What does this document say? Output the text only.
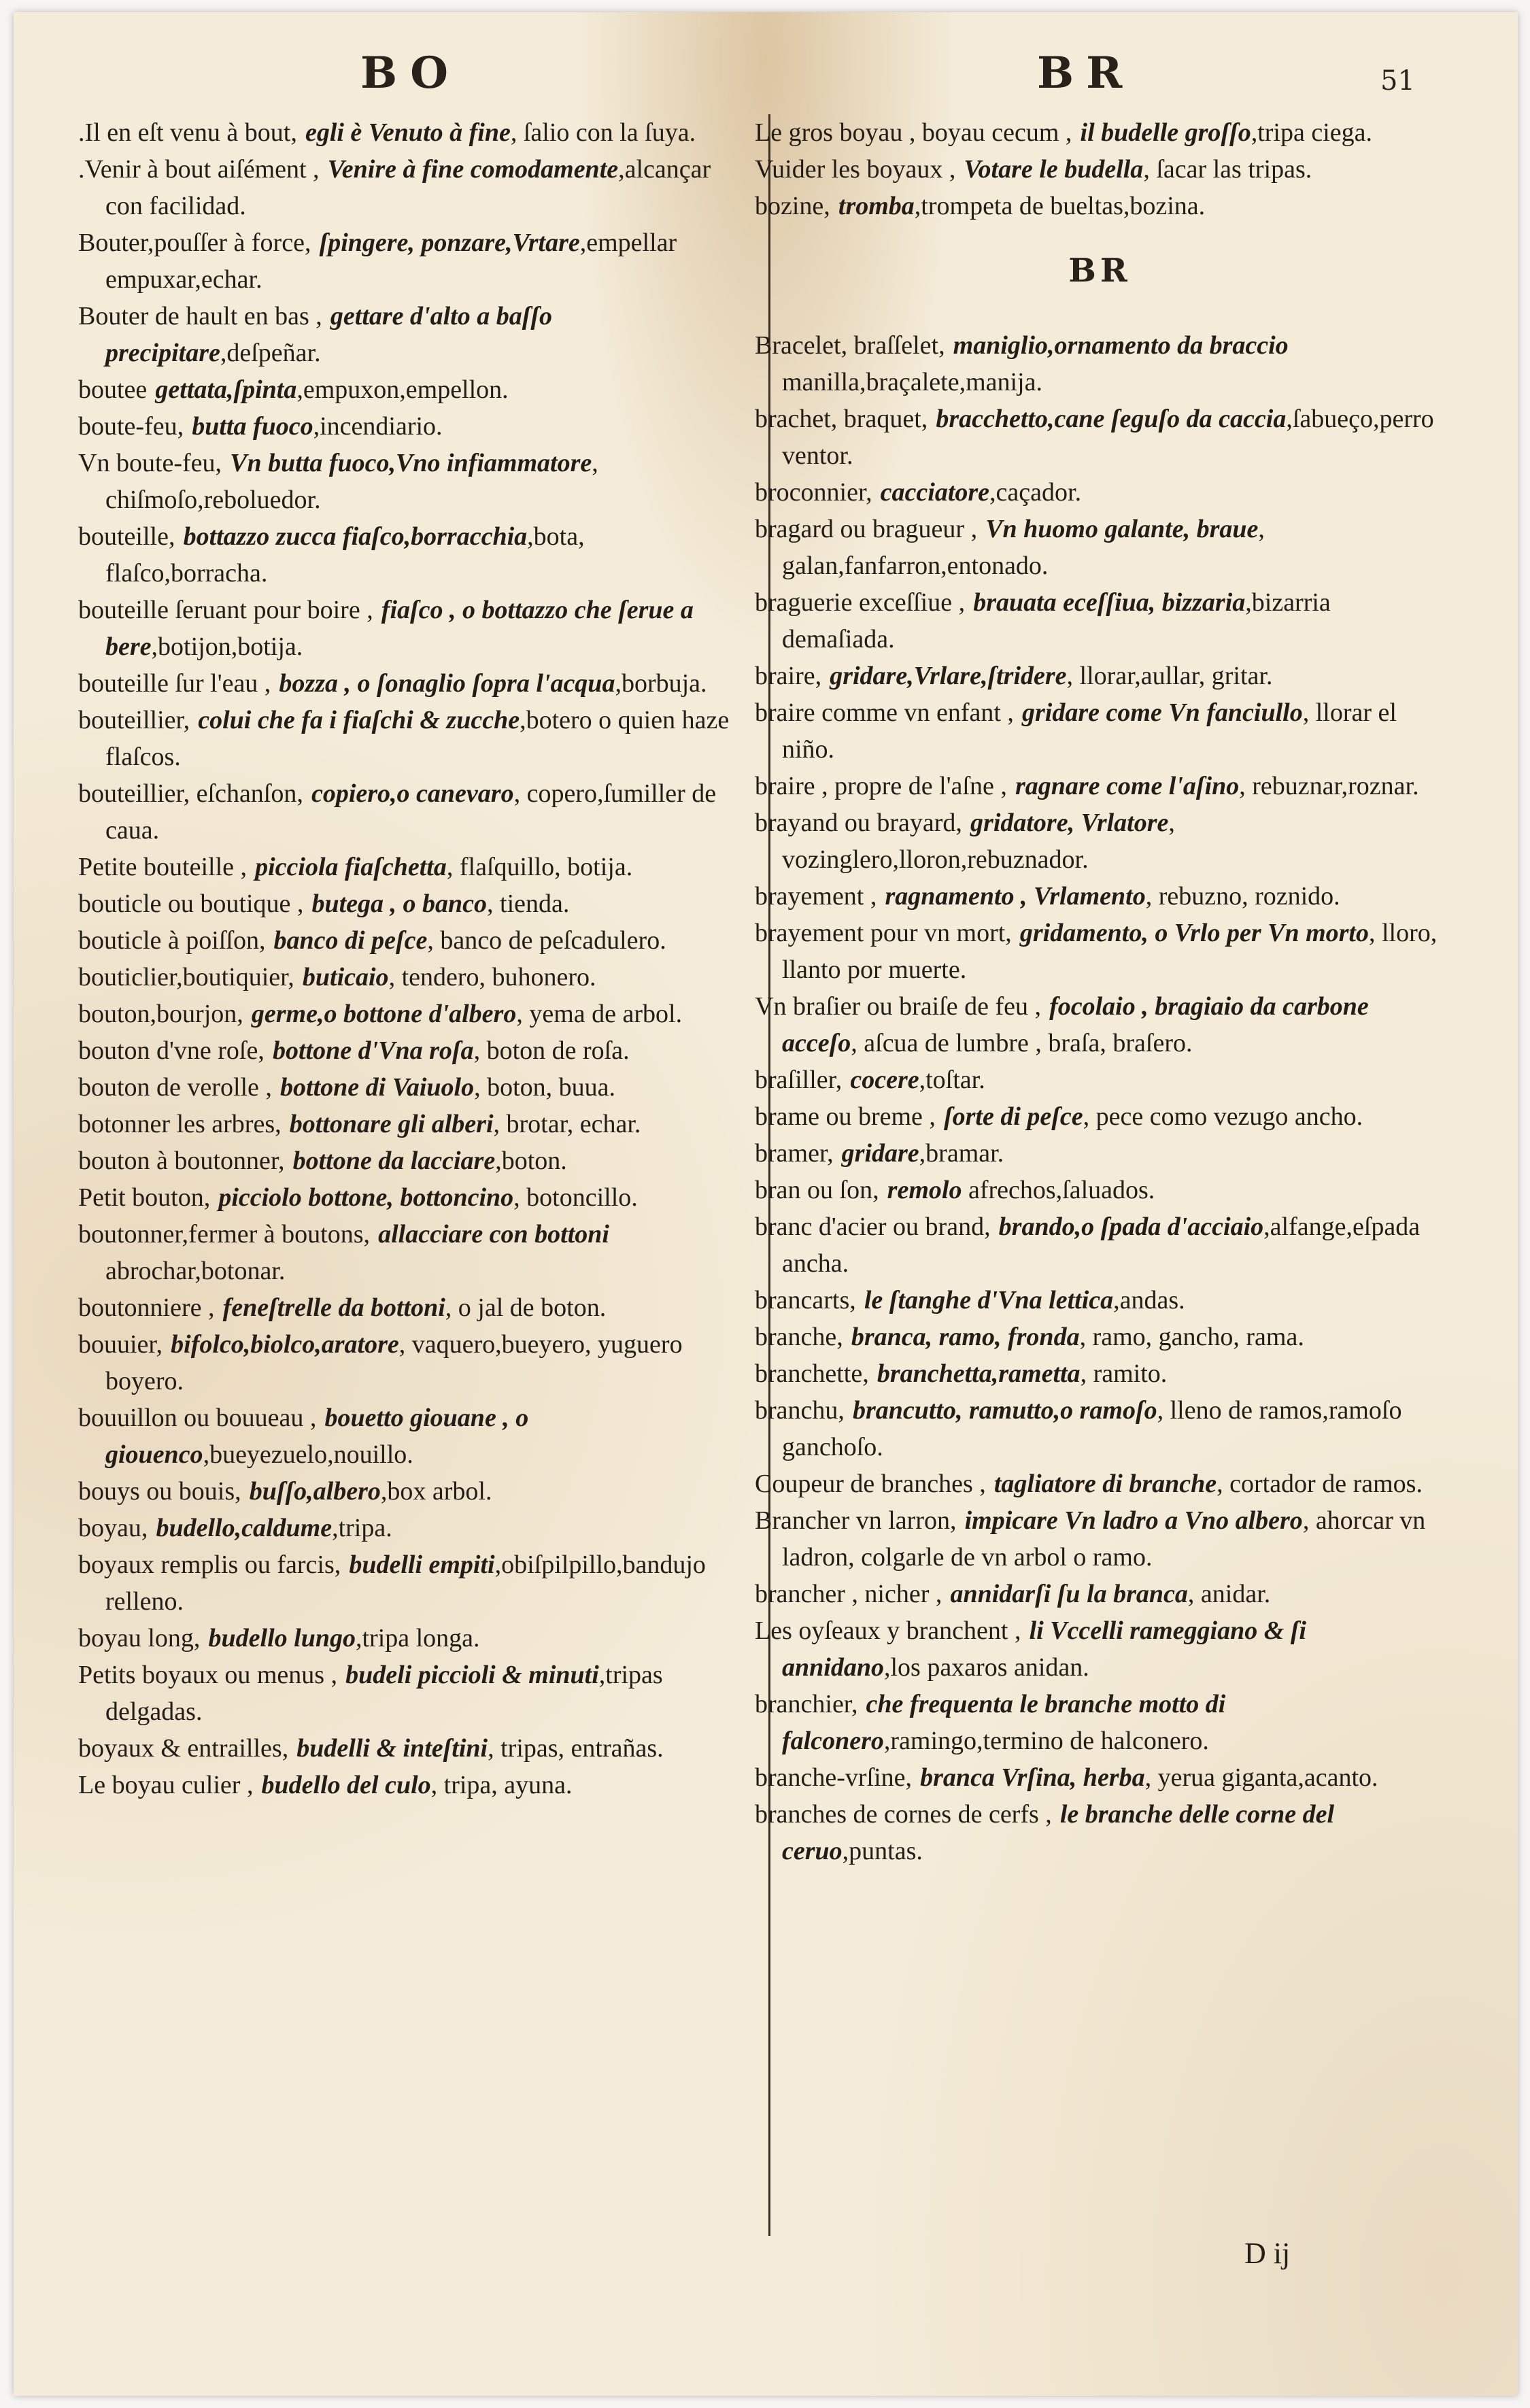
BO	BR	51

.Il en eſt venu à bout, egli è Venuto à fine, ſalio con la ſuya.

.Venir à bout aiſément , Venire à fine comodamente,alcançar con facilidad.

Bouter,pouſſer à force, ſpingere, ponzare,Vrtare,empellar empuxar,echar.

Bouter de hault en bas , gettare d'alto a baſſo precipitare,deſpeñar.

boutee gettata,ſpinta,empuxon,empellon.

boute-feu, butta fuoco,incendiario.

Vn boute-feu, Vn butta fuoco,Vno infiammatore, chiſmoſo,reboluedor.

bouteille, bottazzo zucca fiaſco,borracchia,bota, flaſco,borracha.

bouteille ſeruant pour boire , fiaſco , o bottazzo che ſerue a bere,botijon,botija.

bouteille ſur l'eau , bozza , o ſonaglio ſopra l'acqua,borbuja.

bouteillier, colui che fa i fiaſchi & zucche,botero o quien haze flaſcos.

bouteillier, eſchanſon, copiero,o canevaro, copero,ſumiller de caua.

Petite bouteille , picciola fiaſchetta, flaſquillo, botija.

bouticle ou boutique , butega , o banco, tienda.

bouticle à poiſſon, banco di peſce, banco de peſcadulero.

bouticlier,boutiquier, buticaio, tendero, buhonero.

bouton,bourjon, germe,o bottone d'albero, yema de arbol.

bouton d'vne roſe, bottone d'Vna roſa, boton de roſa.

bouton de verolle , bottone di Vaiuolo, boton, buua.

botonner les arbres, bottonare gli alberi, brotar, echar.

bouton à boutonner, bottone da lacciare,boton.

Petit bouton, picciolo bottone, bottoncino, botoncillo.

boutonner,fermer à boutons, allacciare con bottoni abrochar,botonar.

boutonniere , feneſtrelle da bottoni, o jal de boton.

bouuier, bifolco,biolco,aratore, vaquero,bueyero, yuguero boyero.

bouuillon ou bouueau , bouetto giouane , o giouenco,bueyezuelo,nouillo.

bouys ou bouis, buſſo,albero,box arbol.

boyau, budello,caldume,tripa.

boyaux remplis ou farcis, budelli empiti,obiſpilpillo,bandujo relleno.

boyau long, budello lungo,tripa longa.

Petits boyaux ou menus , budeli piccioli & minuti,tripas delgadas.

boyaux & entrailles, budelli & inteſtini, tripas, entrañas.

Le boyau culier , budello del culo, tripa, ayuna.

Le gros boyau , boyau cecum , il budelle groſſo,tripa ciega.

Vuider les boyaux , Votare le budella, ſacar las tripas.

bozine, tromba,trompeta de bueltas,bozina.

BR

Bracelet, braſſelet, maniglio,ornamento da braccio manilla,braçalete,manija.

brachet, braquet, bracchetto,cane ſeguſo da caccia,ſabueço,perro ventor.

broconnier, cacciatore,caçador.

bragard ou bragueur , Vn huomo galante, braue, galan,fanfarron,entonado.

braguerie exceſſiue , brauata eceſſiua, bizzaria,bizarria demaſiada.

braire, gridare,Vrlare,ſtridere, llorar,aullar, gritar.

braire comme vn enfant , gridare come Vn fanciullo, llorar el niño.

braire , propre de l'aſne , ragnare come l'aſino, rebuznar,roznar.

brayand ou brayard, gridatore, Vrlatore, vozinglero,lloron,rebuznador.

brayement , ragnamento , Vrlamento, rebuzno, roznido.

brayement pour vn mort, gridamento, o Vrlo per Vn morto, lloro, llanto por muerte.

Vn braſier ou braiſe de feu , focolaio , bragiaio da carbone acceſo, aſcua de lumbre , braſa, braſero.

braſiller, cocere,toſtar.

brame ou breme , ſorte di peſce, pece como vezugo ancho.

bramer, gridare,bramar.

bran ou ſon, remolo afrechos,ſaluados.

branc d'acier ou brand, brando,o ſpada d'acciaio,alfange,eſpada ancha.

brancarts, le ſtanghe d'Vna lettica,andas.

branche, branca, ramo, fronda, ramo, gancho, rama.

branchette, branchetta,rametta, ramito.

branchu, brancutto, ramutto,o ramoſo, lleno de ramos,ramoſo ganchoſo.

Coupeur de branches , tagliatore di branche, cortador de ramos.

Brancher vn larron, impicare Vn ladro a Vno albero, ahorcar vn ladron, colgarle de vn arbol o ramo.

brancher , nicher , annidarſi ſu la branca, anidar.

Les oyſeaux y branchent , li Vccelli rameggiano & ſi annidano,los paxaros anidan.

branchier, che frequenta le branche motto di falconero,ramingo,termino de halconero.

branche-vrſine, branca Vrſina, herba, yerua giganta,acanto.

branches de cornes de cerfs , le branche delle corne del ceruo,puntas.

D ij
